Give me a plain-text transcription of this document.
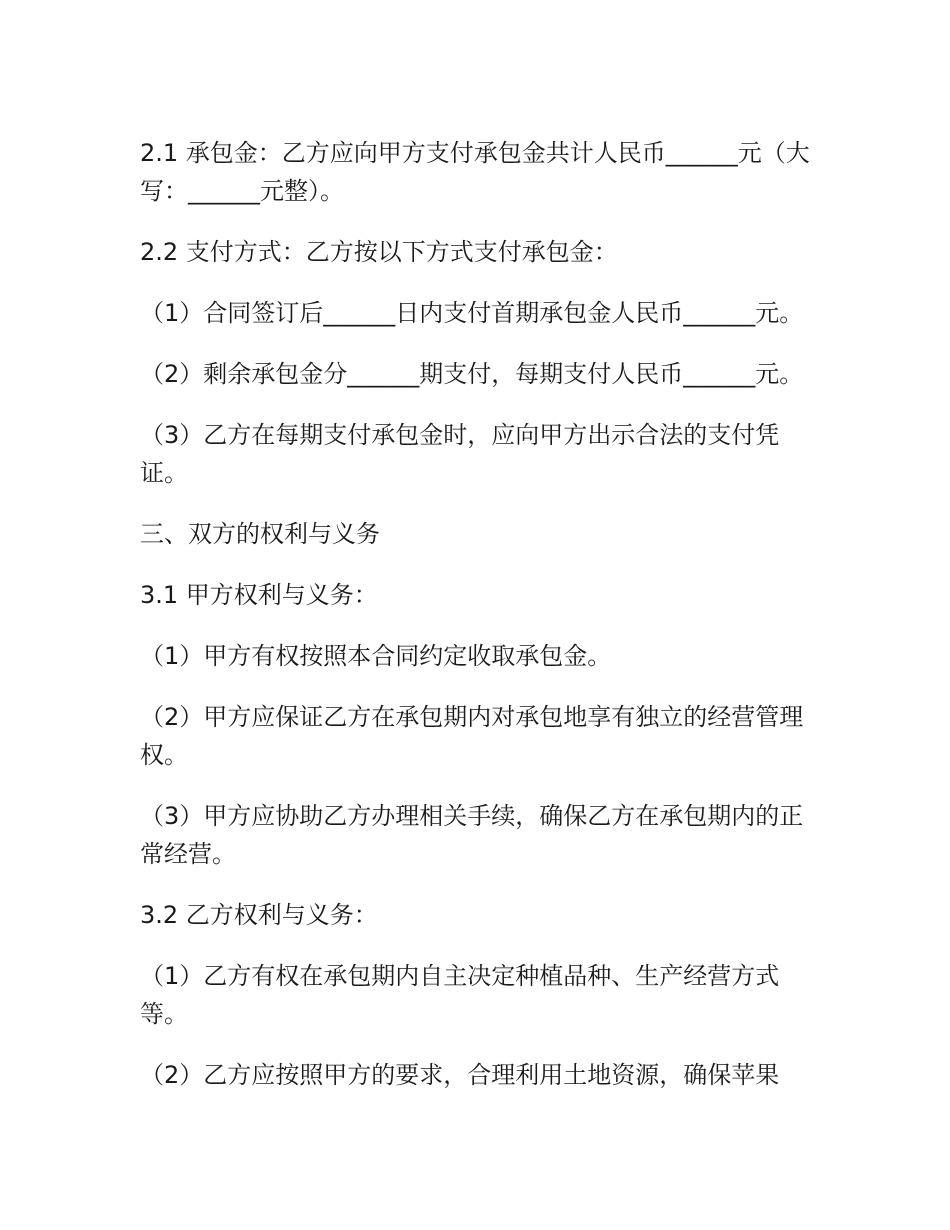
2.1 承包金：乙方应向甲方支付承包金共计人民币______元（大写：______元整）。

2.2 支付方式：乙方按以下方式支付承包金：

（1）合同签订后______日内支付首期承包金人民币______元。

（2）剩余承包金分______期支付，每期支付人民币______元。

（3）乙方在每期支付承包金时，应向甲方出示合法的支付凭证。

三、双方的权利与义务

3.1 甲方权利与义务：

（1）甲方有权按照本合同约定收取承包金。

（2）甲方应保证乙方在承包期内对承包地享有独立的经营管理权。

（3）甲方应协助乙方办理相关手续，确保乙方在承包期内的正常经营。

3.2 乙方权利与义务：

（1）乙方有权在承包期内自主决定种植品种、生产经营方式等。

（2）乙方应按照甲方的要求，合理利用土地资源，确保苹果
